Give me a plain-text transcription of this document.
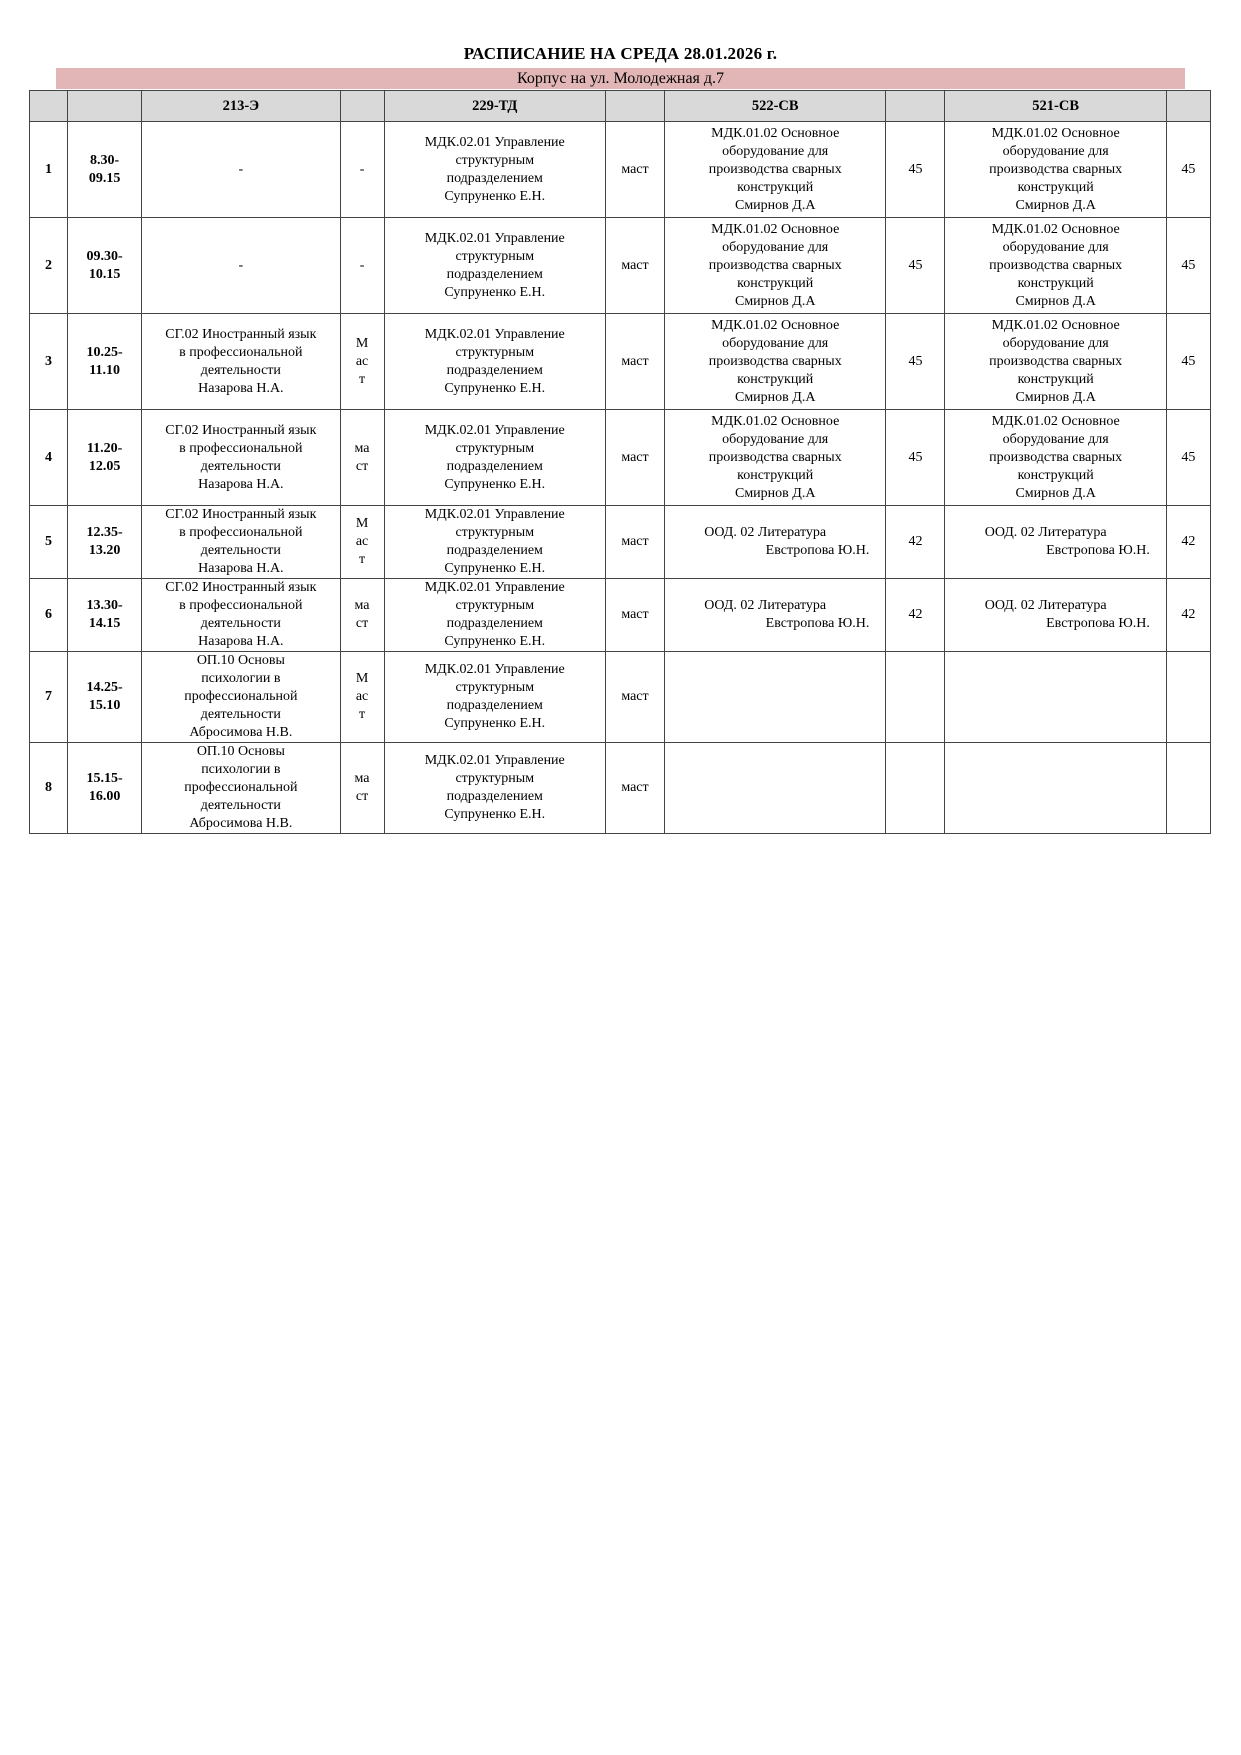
РАСПИСАНИЕ НА СРЕДА 28.01.2026 г.
Корпус на ул. Молодежная д.7
		213-Э		229-ТД		522-СВ		521-СВ	
1	8.30-
09.15	-	-	МДК.02.01 Управление
структурным
подразделением
Супруненко Е.Н.	маст	МДК.01.02 Основное
оборудование для
производства сварных
конструкций
Смирнов Д.А	45	МДК.01.02 Основное
оборудование для
производства сварных
конструкций
Смирнов Д.А	45

2	09.30-
10.15	-	-	МДК.02.01 Управление
структурным
подразделением
Супруненко Е.Н.	маст	МДК.01.02 Основное
оборудование для
производства сварных
конструкций
Смирнов Д.А	45	МДК.01.02 Основное
оборудование для
производства сварных
конструкций
Смирнов Д.А	45

3	10.25-
11.10	СГ.02 Иностранный язык
в профессиональной
деятельности
Назарова Н.А.	М
ас
т	МДК.02.01 Управление
структурным
подразделением
Супруненко Е.Н.	маст	МДК.01.02 Основное
оборудование для
производства сварных
конструкций
Смирнов Д.А	45	МДК.01.02 Основное
оборудование для
производства сварных
конструкций
Смирнов Д.А	45

4	11.20-
12.05	СГ.02 Иностранный язык
в профессиональной
деятельности
Назарова Н.А.	ма
ст	МДК.02.01 Управление
структурным
подразделением
Супруненко Е.Н.	маст	МДК.01.02 Основное
оборудование для
производства сварных
конструкций
Смирнов Д.А	45	МДК.01.02 Основное
оборудование для
производства сварных
конструкций
Смирнов Д.А	45

5	12.35-
13.20	СГ.02 Иностранный язык
в профессиональной
деятельности
Назарова Н.А.	М
ас
т	МДК.02.01 Управление
структурным
подразделением
Супруненко Е.Н.	маст	ООД. 02 Литература
Евстропова Ю.Н.	42	ООД. 02 Литература
Евстропова Ю.Н.	42

6	13.30-
14.15	СГ.02 Иностранный язык
в профессиональной
деятельности
Назарова Н.А.	ма
ст	МДК.02.01 Управление
структурным
подразделением
Супруненко Е.Н.	маст	ООД. 02 Литература
Евстропова Ю.Н.	42	ООД. 02 Литература
Евстропова Ю.Н.	42

7	14.25-
15.10	ОП.10 Основы
психологии в
профессиональной
деятельности
Абросимова Н.В.	М
ас
т	МДК.02.01 Управление
структурным
подразделением
Супруненко Е.Н.	маст				

8	15.15-
16.00	ОП.10 Основы
психологии в
профессиональной
деятельности
Абросимова Н.В.	ма
ст	МДК.02.01 Управление
структурным
подразделением
Супруненко Е.Н.	маст				
